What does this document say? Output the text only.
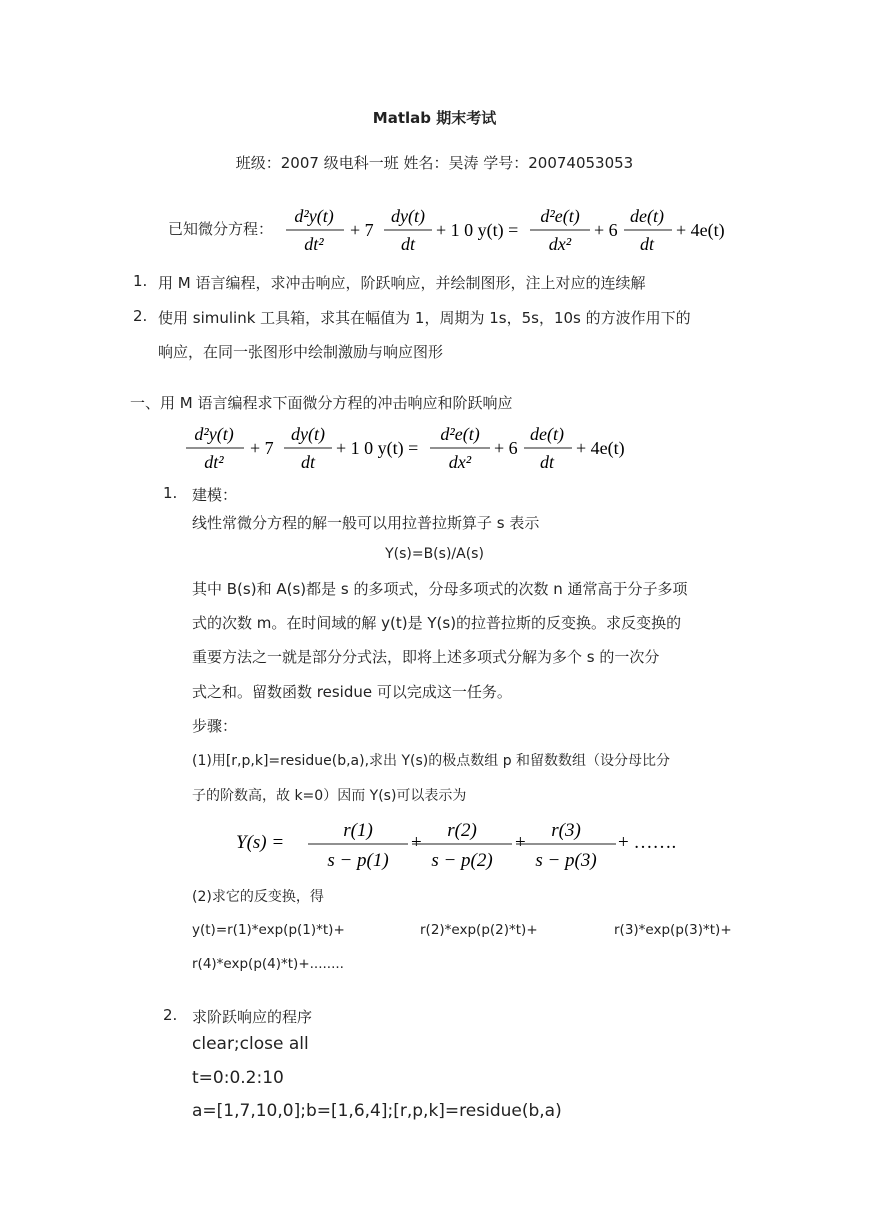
Matlab 期末考试
班级：2007 级电科一班 姓名：吴涛 学号：20074053053
已知微分方程：
d²y(t)
dt²
+ 7
dy(t)
dt
+ 1 0 y(t) =
d²e(t)
dx²
+ 6
de(t)
dt
+ 4e(t)
1. 用 M 语言编程，求冲击响应，阶跃响应，并绘制图形，注上对应的连续解
2. 使用 simulink 工具箱，求其在幅值为 1，周期为 1s，5s，10s 的方波作用下的
响应，在同一张图形中绘制激励与响应图形
一、用 M 语言编程求下面微分方程的冲击响应和阶跃响应
d²y(t)
dt²
+ 7
dy(t)
dt
+ 1 0 y(t) =
d²e(t)
dx²
+ 6
de(t)
dt
+ 4e(t)
1. 建模：
线性常微分方程的解一般可以用拉普拉斯算子 s 表示
Y(s)=B(s)/A(s)
其中 B(s)和 A(s)都是 s 的多项式，分母多项式的次数 n 通常高于分子多项
式的次数 m。在时间域的解 y(t)是 Y(s)的拉普拉斯的反变换。求反变换的
重要方法之一就是部分分式法，即将上述多项式分解为多个 s 的一次分
式之和。留数函数 residue 可以完成这一任务。
步骤：
(1)用[r,p,k]=residue(b,a),求出 Y(s)的极点数组 p 和留数数组（设分母比分
子的阶数高，故 k=0）因而 Y(s)可以表示为
Y(s) =
r(1)
s − p(1)
+
r(2)
s − p(2)
+
r(3)
s − p(3)
+ …….
(2)求它的反变换，得
y(t)=r(1)*exp(p(1)*t)+	r(2)*exp(p(2)*t)+	r(3)*exp(p(3)*t)+
r(4)*exp(p(4)*t)+........
2. 求阶跃响应的程序
clear;close all
t=0:0.2:10
a=[1,7,10,0];b=[1,6,4];[r,p,k]=residue(b,a)
